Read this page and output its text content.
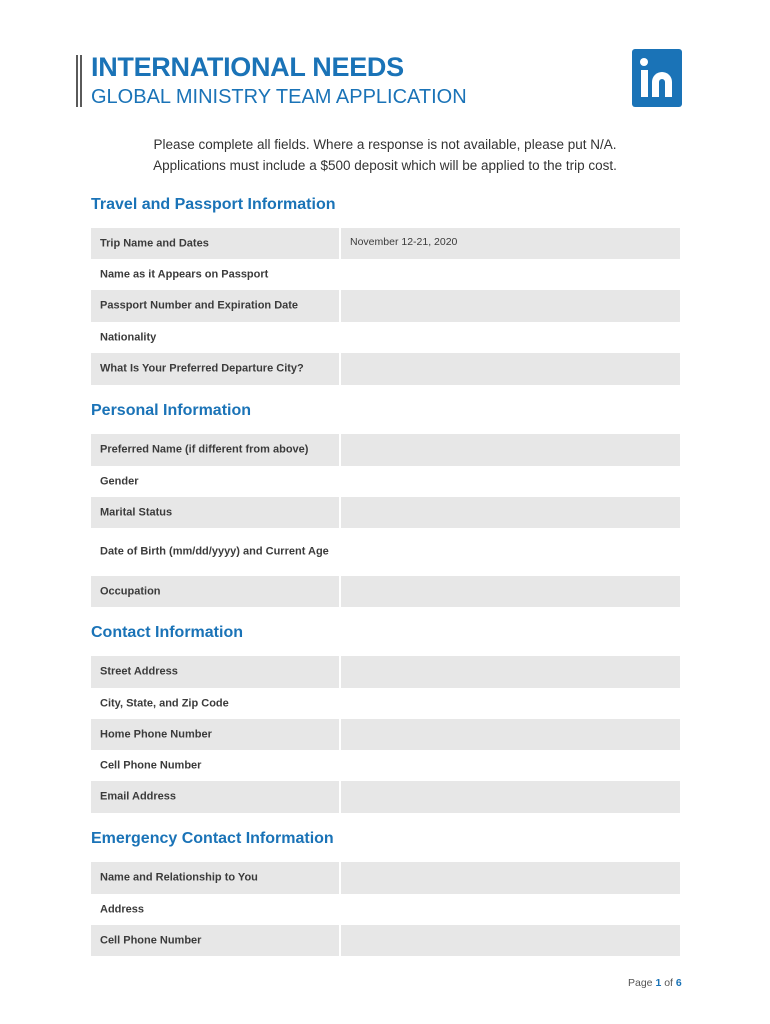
INTERNATIONAL NEEDS
GLOBAL MINISTRY TEAM APPLICATION
Please complete all fields. Where a response is not available, please put N/A.
Applications must include a $500 deposit which will be applied to the trip cost.
Travel and Passport Information
Trip Name and Dates	November 12-21, 2020
Name as it Appears on Passport
Passport Number and Expiration Date
Nationality
What Is Your Preferred Departure City?
Personal Information
Preferred Name (if different from above)
Gender
Marital Status
Date of Birth (mm/dd/yyyy) and Current Age
Occupation
Contact Information
Street Address
City, State, and Zip Code
Home Phone Number
Cell Phone Number
Email Address
Emergency Contact Information
Name and Relationship to You
Address
Cell Phone Number
Page 1 of 6
